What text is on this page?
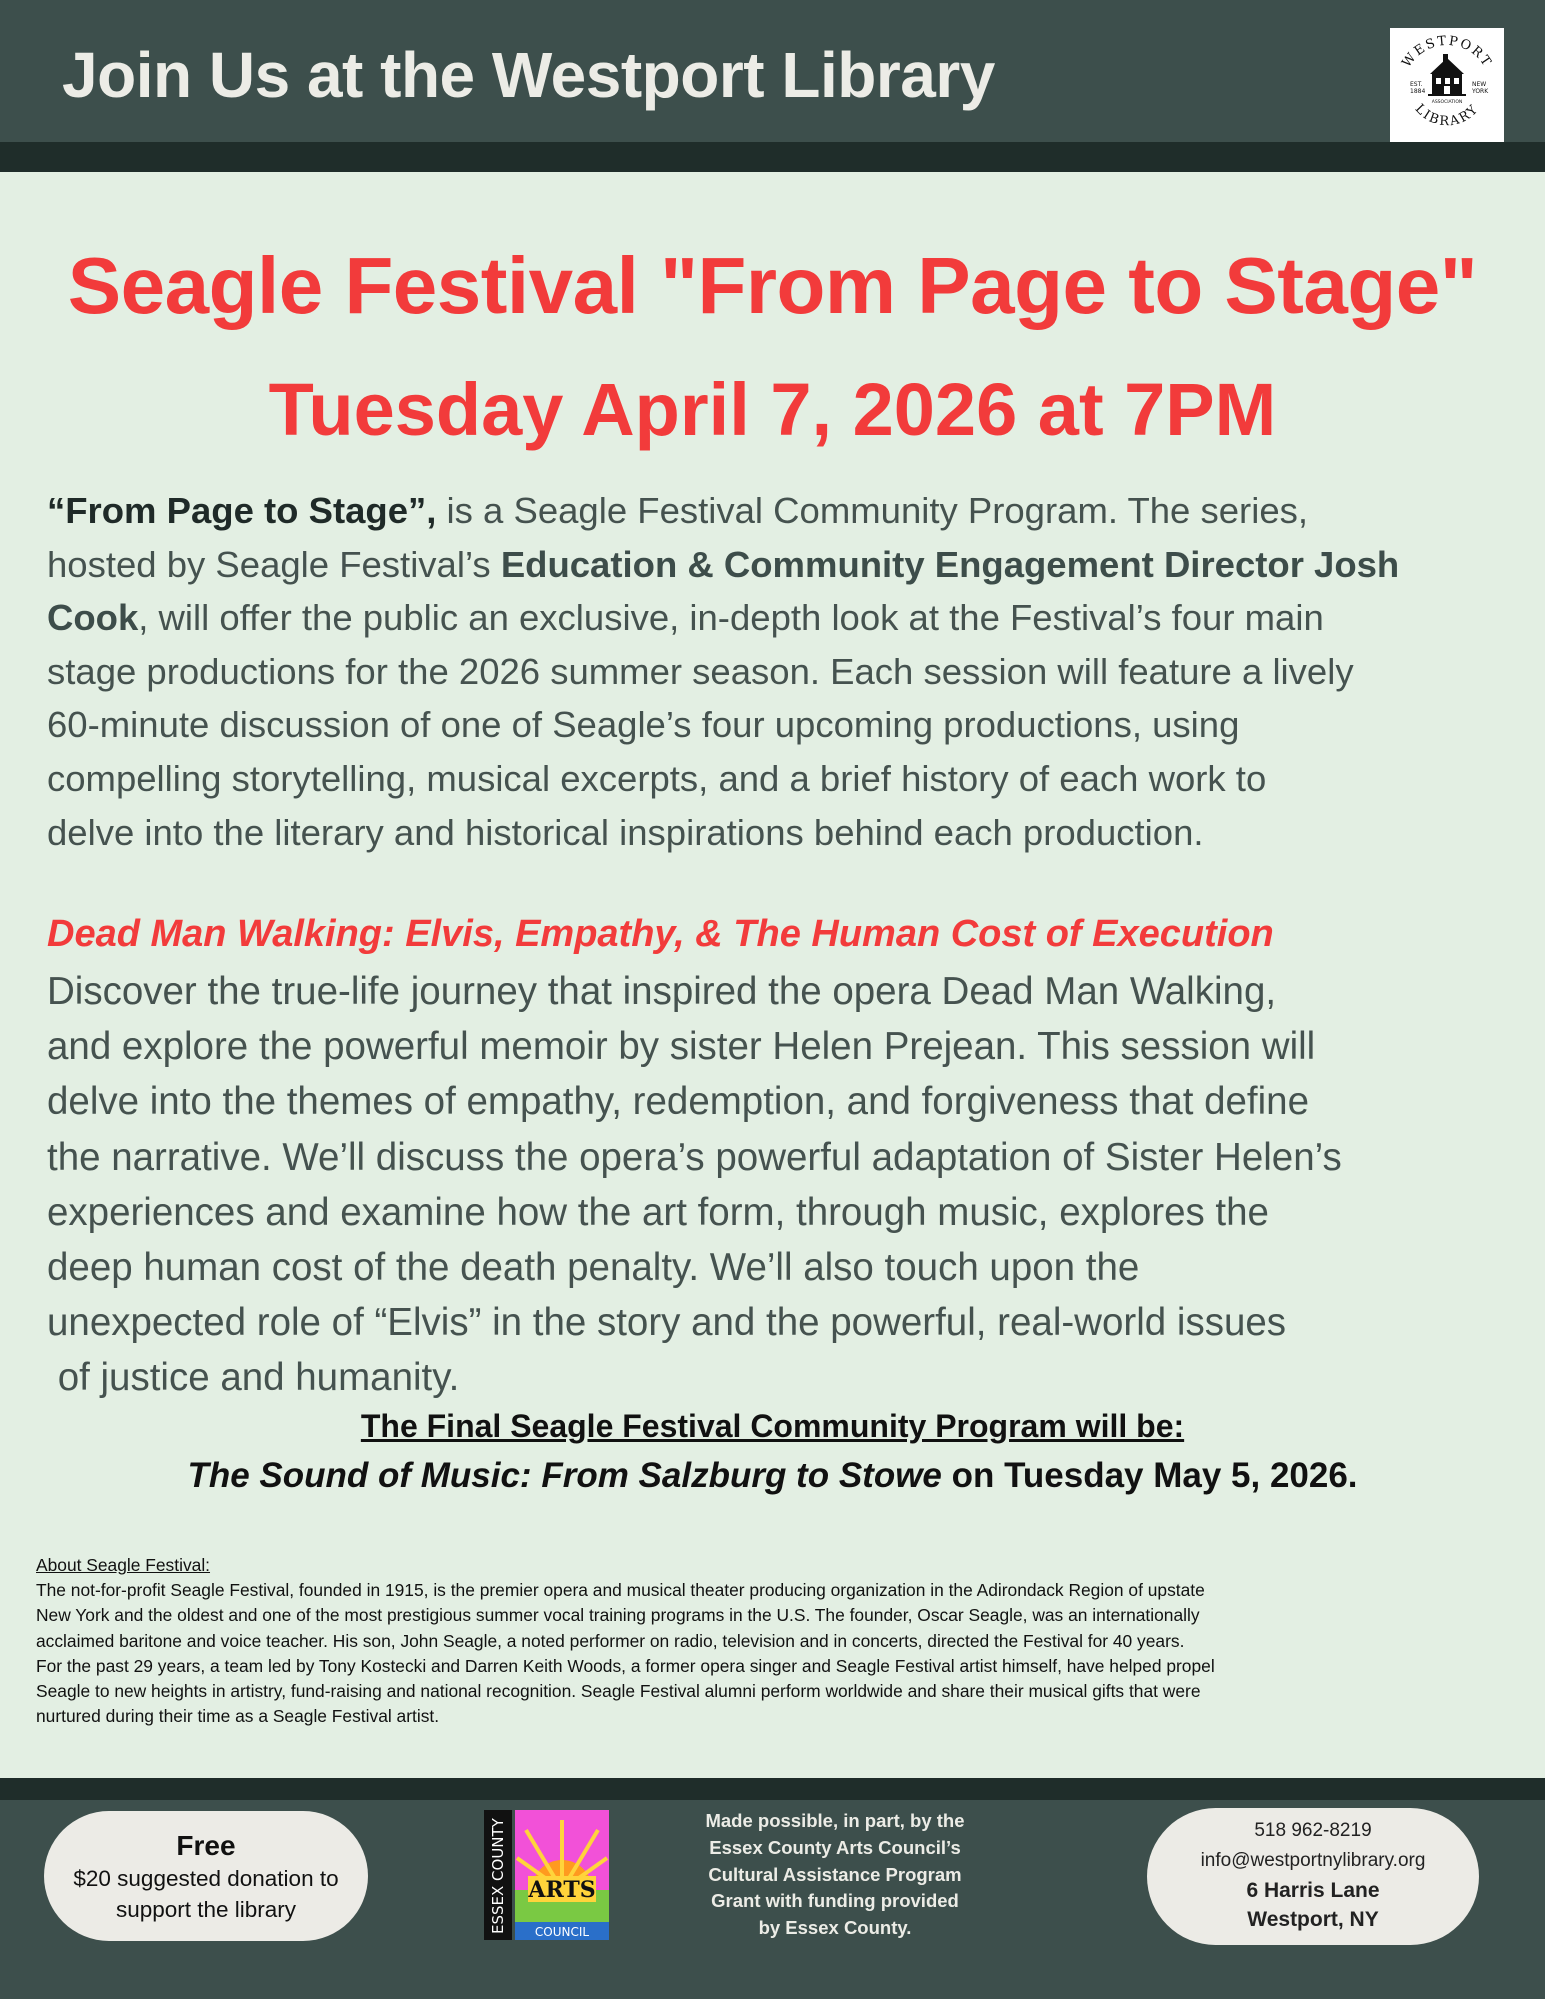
Join Us at the Westport Library	WESTPORT
LIBRARY
EST.
1884
NEW
YORK
ASSOCIATION
Seagle Festival "From Page to Stage"
Tuesday April 7, 2026 at 7PM
“From Page to Stage”, is a Seagle Festival Community Program. The series,
hosted by Seagle Festival’s Education & Community Engagement Director Josh
Cook, will offer the public an exclusive, in-depth look at the Festival’s four main
stage productions for the 2026 summer season. Each session will feature a lively
60-minute discussion of one of Seagle’s four upcoming productions, using
compelling storytelling, musical excerpts, and a brief history of each work to
delve into the literary and historical inspirations behind each production.
Dead Man Walking: Elvis, Empathy, & The Human Cost of Execution
Discover the true-life journey that inspired the opera Dead Man Walking,
and explore the powerful memoir by sister Helen Prejean. This session will
delve into the themes of empathy, redemption, and forgiveness that define
the narrative. We’ll discuss the opera’s powerful adaptation of Sister Helen’s
experiences and examine how the art form, through music, explores the
deep human cost of the death penalty. We’ll also touch upon the
unexpected role of “Elvis” in the story and the powerful, real-world issues
of justice and humanity.
The Final Seagle Festival Community Program will be:
The Sound of Music: From Salzburg to Stowe on Tuesday May 5, 2026.
About Seagle Festival:
The not-for-profit Seagle Festival, founded in 1915, is the premier opera and musical theater producing organization in the Adirondack Region of upstate
New York and the oldest and one of the most prestigious summer vocal training programs in the U.S. The founder, Oscar Seagle, was an internationally
acclaimed baritone and voice teacher. His son, John Seagle, a noted performer on radio, television and in concerts, directed the Festival for 40 years.
For the past 29 years, a team led by Tony Kostecki and Darren Keith Woods, a former opera singer and Seagle Festival artist himself, have helped propel
Seagle to new heights in artistry, fund-raising and national recognition. Seagle Festival alumni perform worldwide and share their musical gifts that were
nurtured during their time as a Seagle Festival artist.
Free
$20 suggested donation to
support the library	ESSEX COUNTY ARTS
COUNCIL
Made possible, in part, by the
Essex County Arts Council’s
Cultural Assistance Program
Grant with funding provided
by Essex County.
518 962-8219
info@westportnylibrary.org
6 Harris Lane
Westport, NY
